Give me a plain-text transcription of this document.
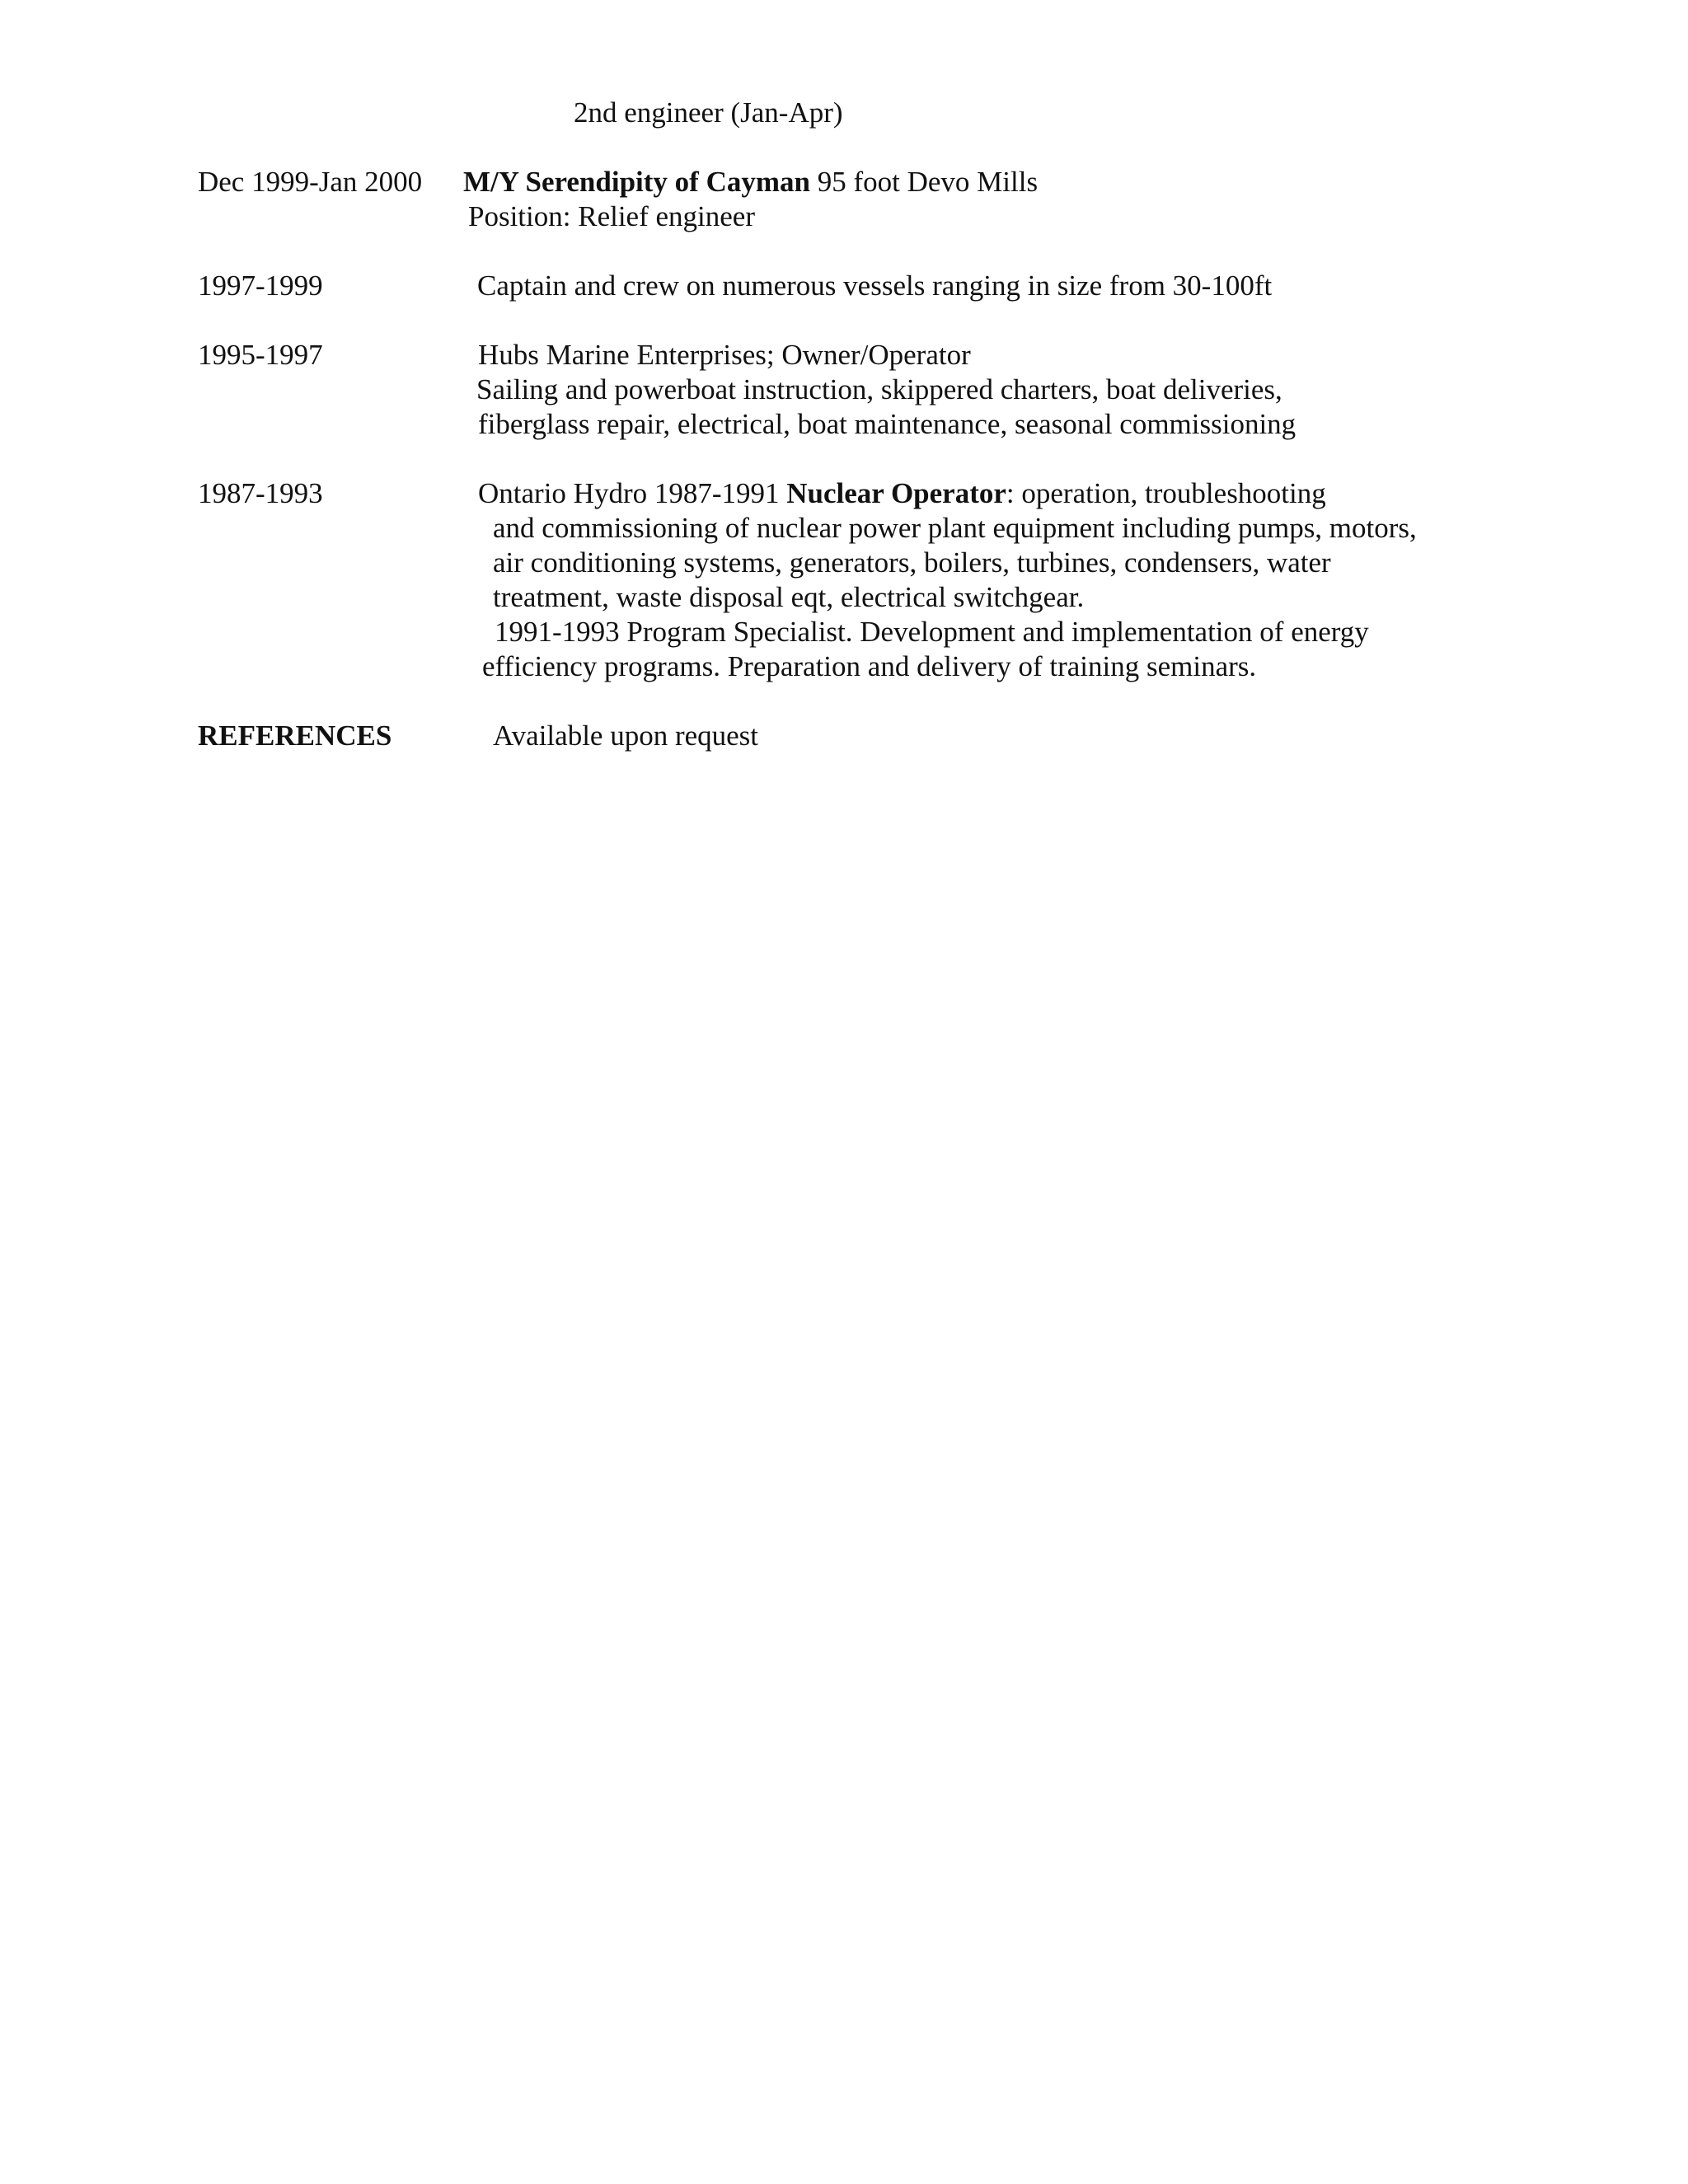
2nd engineer (Jan-Apr)
Dec 1999-Jan 2000 M/Y Serendipity of Cayman 95 foot Devo Mills
Position: Relief engineer
1997-1999	Captain and crew on numerous vessels ranging in size from 30-100ft
1995-1997	Hubs Marine Enterprises; Owner/Operator
Sailing and powerboat instruction, skippered charters, boat deliveries,
fiberglass repair, electrical, boat maintenance, seasonal commissioning
1987-1993	Ontario Hydro 1987-1991 Nuclear Operator: operation, troubleshooting
and commissioning of nuclear power plant equipment including pumps, motors,
air conditioning systems, generators, boilers, turbines, condensers, water
treatment, waste disposal eqt, electrical switchgear.
1991-1993 Program Specialist. Development and implementation of energy
efficiency programs. Preparation and delivery of training seminars.
REFERENCES	Available upon request
